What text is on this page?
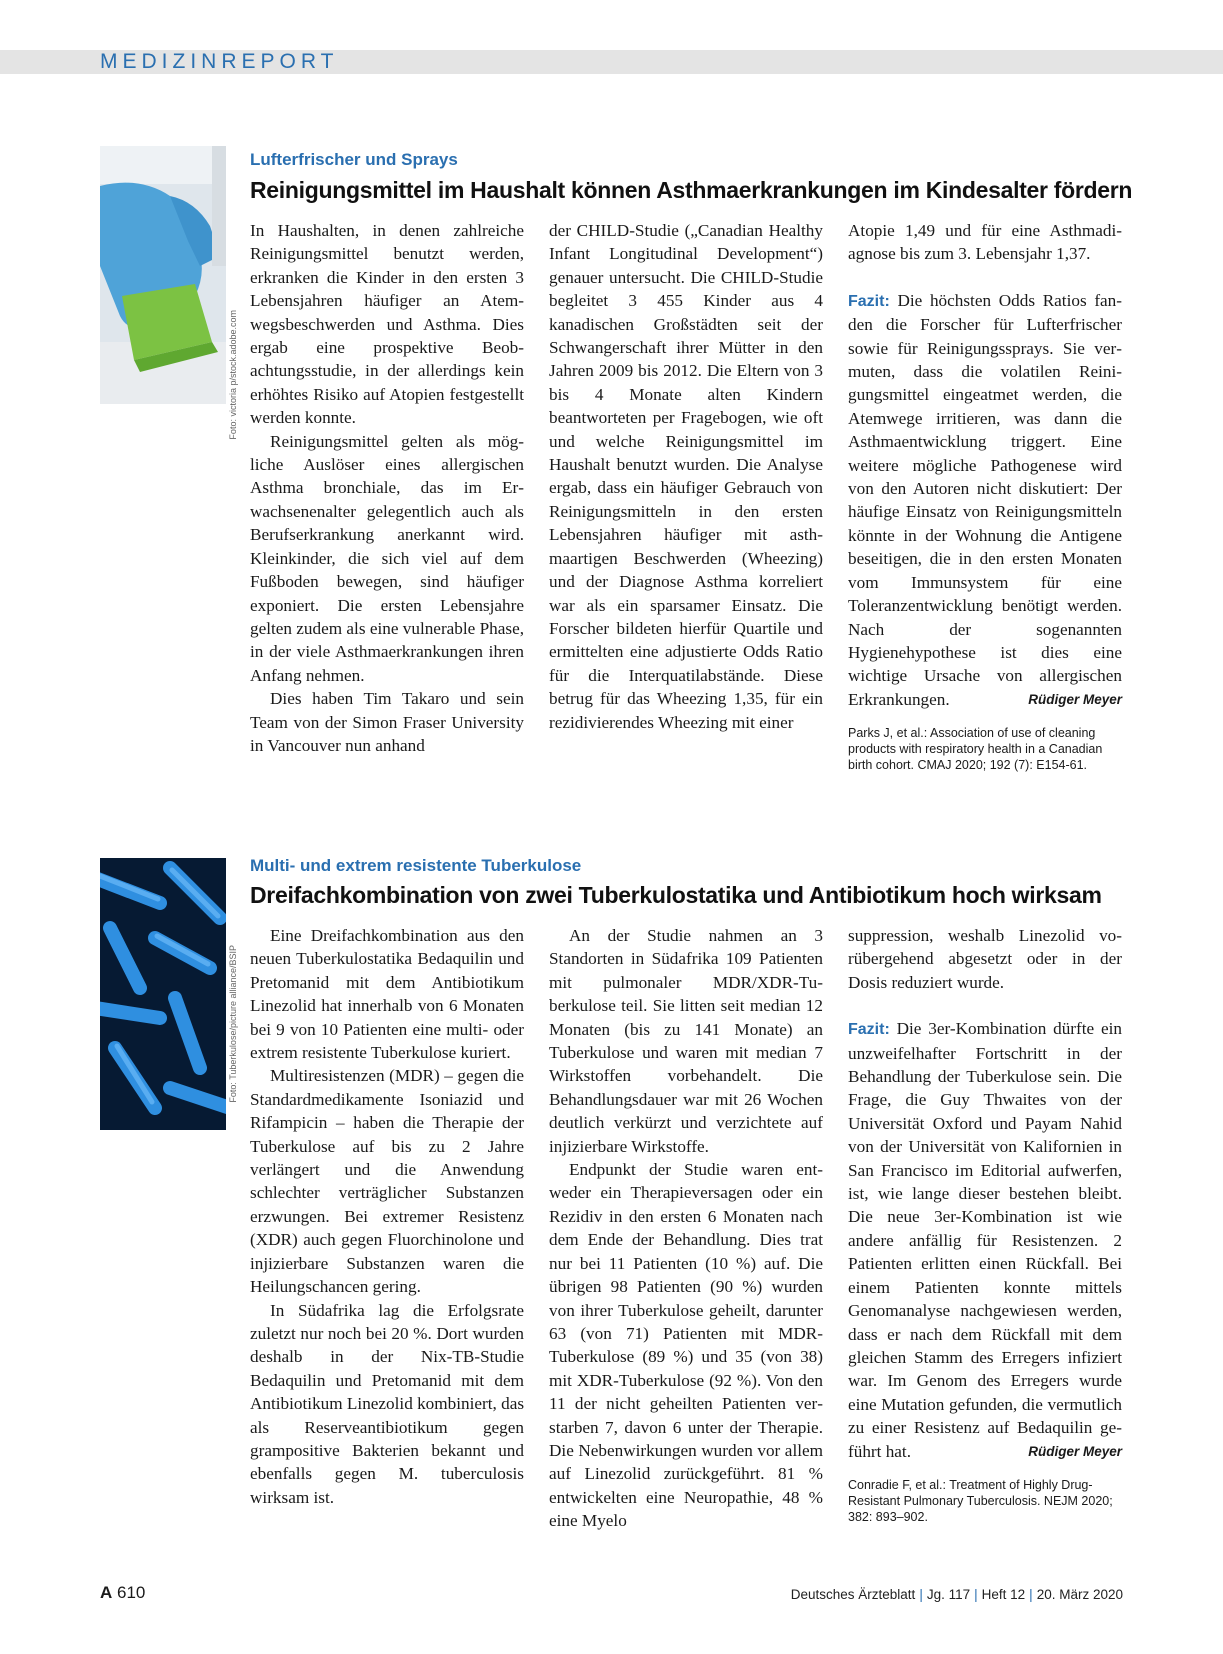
MEDIZINREPORT
Foto: victoria p/stock.adobe.com
Lufterfrischer und Sprays
Reinigungsmittel im Haushalt können Asthmaerkrankungen im Kindesalter fördern

In Haushalten, in denen zahlreiche Reinigungsmittel benutzt werden, erkranken die Kinder in den ersten 3 Lebensjahren häufiger an Atemwegsbeschwerden und Asthma. Dies ergab eine prospektive Beobachtungsstudie, in der allerdings kein erhöhtes Risiko auf Atopien festgestellt werden konnte.

Reinigungsmittel gelten als mögliche Auslöser eines allergischen Asthma bronchiale, das im Erwachsenenalter gelegentlich auch als Berufserkrankung anerkannt wird. Kleinkinder, die sich viel auf dem Fußboden bewegen, sind häufiger exponiert. Die ersten Lebensjahre gelten zudem als eine vulnerable Phase, in der viele Asthmaerkrankungen ihren Anfang nehmen.

Dies haben Tim Takaro und sein Team von der Simon Fraser University in Vancouver nun anhand

der CHILD-Studie („Canadian Healthy Infant Longitudinal Development“) genauer untersucht. Die CHILD-Studie begleitet 3 455 Kinder aus 4 kanadischen Großstädten seit der Schwangerschaft ihrer Mütter in den Jahren 2009 bis 2012. Die Eltern von 3 bis 4 Monate alten Kindern beantworteten per Fragebogen, wie oft und welche Reinigungsmittel im Haushalt benutzt wurden. Die Analyse ergab, dass ein häufiger Gebrauch von Reinigungsmitteln in den ersten Lebensjahren häufiger mit asthmaartigen Beschwerden (Wheezing) und der Diagnose Asthma korreliert war als ein sparsamer Einsatz. Die Forscher bildeten hierfür Quartile und ermittelten eine adjustierte Odds Ratio für die Interquatilabstände. Diese betrug für das Wheezing 1,35, für ein rezidivierendes Wheezing mit einer

Atopie 1,49 und für eine Asthmadiagnose bis zum 3. Lebensjahr 1,37.

Fazit: Die höchsten Odds Ratios fanden die Forscher für Lufterfrischer sowie für Reinigungssprays. Sie vermuten, dass die volatilen Reinigungsmittel eingeatmet werden, die Atemwege irritieren, was dann die Asthmaentwicklung triggert. Eine weitere mögliche Pathogenese wird von den Autoren nicht diskutiert: Der häufige Einsatz von Reinigungsmitteln könnte in der Wohnung die Antigene beseitigen, die in den ersten Monaten vom Immunsystem für eine Toleranzentwicklung benötigt werden. Nach der sogenannten Hygienehypothese ist dies eine wichtige Ursache von allergischen Erkrankungen.	Rüdiger Meyer

Parks J, et al.: Association of use of cleaning products with respiratory health in a Canadian birth cohort. CMAJ 2020; 192 (7): E154-61.

Foto: Tuberkulose/picture alliance/BSIP
Multi- und extrem resistente Tuberkulose
Dreifachkombination von zwei Tuberkulostatika und Antibiotikum hoch wirksam

Eine Dreifachkombination aus den neuen Tuberkulostatika Bedaquilin und Pretomanid mit dem Antibiotikum Linezolid hat innerhalb von 6 Monaten bei 9 von 10 Patienten eine multi- oder extrem resistente Tuberkulose kuriert.

Multiresistenzen (MDR) – gegen die Standardmedikamente Isoniazid und Rifampicin – haben die Therapie der Tuberkulose auf bis zu 2 Jahre verlängert und die Anwendung schlechter verträglicher Substanzen erzwungen. Bei extremer Resistenz (XDR) auch gegen Fluorchinolone und injizierbare Substanzen waren die Heilungschancen gering.

In Südafrika lag die Erfolgsrate zuletzt nur noch bei 20 %. Dort wurden deshalb in der Nix-TB-Studie Bedaquilin und Pretomanid mit dem Antibiotikum Linezolid kombiniert, das als Reserveantibiotikum gegen grampositive Bakterien bekannt und ebenfalls gegen M. tuberculosis wirksam ist.

An der Studie nahmen an 3 Standorten in Südafrika 109 Patienten mit pulmonaler MDR/XDR-Tuberkulose teil. Sie litten seit median 12 Monaten (bis zu 141 Monate) an Tuberkulose und waren mit median 7 Wirkstoffen vorbehandelt. Die Behandlungsdauer war mit 26 Wochen deutlich verkürzt und verzichtete auf injizierbare Wirkstoffe.

Endpunkt der Studie waren entweder ein Therapieversagen oder ein Rezidiv in den ersten 6 Monaten nach dem Ende der Behandlung. Dies trat nur bei 11 Patienten (10 %) auf. Die übrigen 98 Patienten (90 %) wurden von ihrer Tuberkulose geheilt, darunter 63 (von 71) Patienten mit MDR-Tuberkulose (89 %) und 35 (von 38) mit XDR-Tuberkulose (92 %). Von den 11 der nicht geheilten Patienten verstarben 7, davon 6 unter der Therapie. Die Nebenwirkungen wurden vor allem auf Linezolid zurückgeführt. 81 % entwickelten eine Neuropathie, 48 % eine Myelo

suppression, weshalb Linezolid vorübergehend abgesetzt oder in der Dosis reduziert wurde.

Fazit: Die 3er-Kombination dürfte ein unzweifelhafter Fortschritt in der Behandlung der Tuberkulose sein. Die Frage, die Guy Thwaites von der Universität Oxford und Payam Nahid von der Universität von Kalifornien in San Francisco im Editorial aufwerfen, ist, wie lange dieser bestehen bleibt. Die neue 3er-Kombination ist wie andere anfällig für Resistenzen. 2 Patienten erlitten einen Rückfall. Bei einem Patienten konnte mittels Genomanalyse nachgewiesen werden, dass er nach dem Rückfall mit dem gleichen Stamm des Erregers infiziert war. Im Genom des Erregers wurde eine Mutation gefunden, die vermutlich zu einer Resistenz auf Bedaquilin geführt hat.	Rüdiger Meyer

Conradie F, et al.: Treatment of Highly Drug-Resistant Pulmonary Tuberculosis. NEJM 2020; 382: 893–902.

A 610	Deutsches Ärzteblatt | Jg. 117 | Heft 12 | 20. März 2020
